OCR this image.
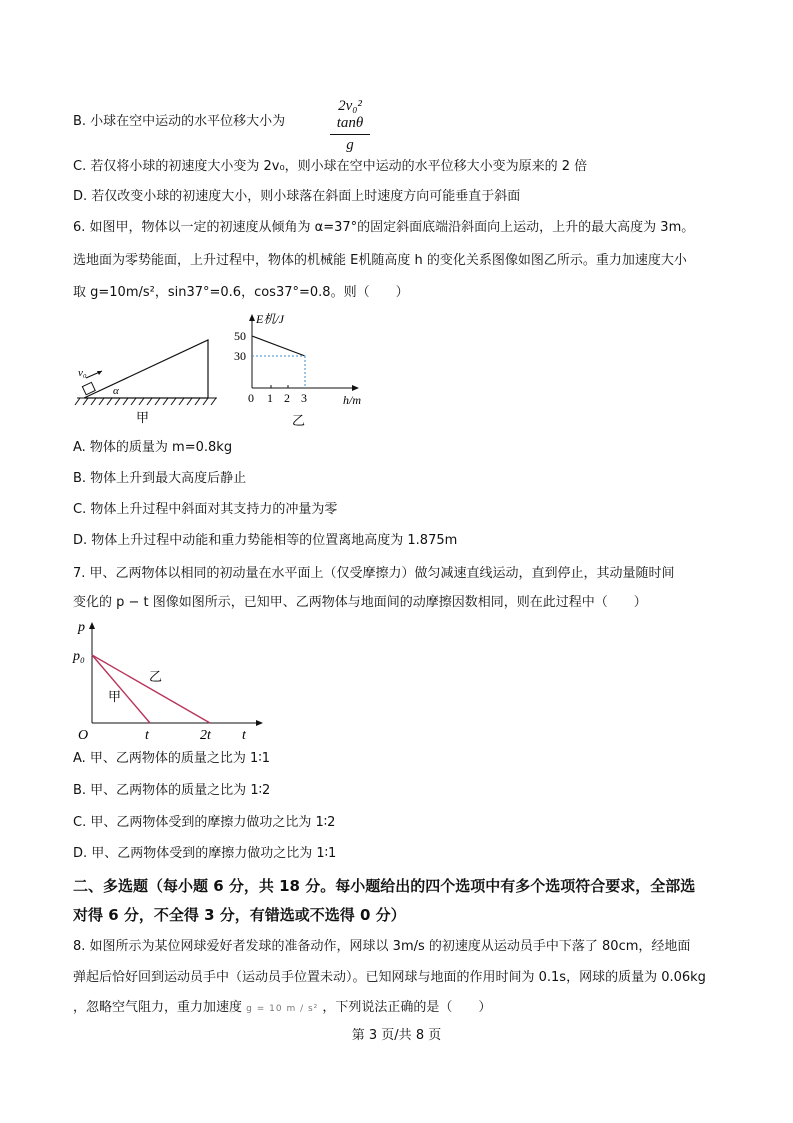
B. 小球在空中运动的水平位移大小为	$\frac{\text{2v₀² tanθ}}{g}$
C. 若仅将小球的初速度大小变为 2v₀，则小球在空中运动的水平位移大小变为原来的 2 倍
D. 若仅改变小球的初速度大小，则小球落在斜面上时速度方向可能垂直于斜面
6. 如图甲，物体以一定的初速度从倾角为 α=37°的固定斜面底端沿斜面向上运动，上升的最大高度为 3m。
选地面为零势能面，上升过程中，物体的机械能 E机随高度 h 的变化关系图像如图乙所示。重力加速度大小
取 g=10m/s²，sin37°=0.6，cos37°=0.8。则（　　）
v₀
α
甲
E机/J
h/m
50
30
0 1 2 3
乙
A. 物体的质量为 m=0.8kg
B. 物体上升到最大高度后静止
C. 物体上升过程中斜面对其支持力的冲量为零
D. 物体上升过程中动能和重力势能相等的位置离地高度为 1.875m
7. 甲、乙两物体以相同的初动量在水平面上（仅受摩擦力）做匀减速直线运动，直到停止，其动量随时间
变化的 p − t 图像如图所示，已知甲、乙两物体与地面间的动摩擦因数相同，则在此过程中（　　）
p
t
O
p₀
t	2t
甲
乙
A. 甲、乙两物体的质量之比为 1∶1
B. 甲、乙两物体的质量之比为 1∶2
C. 甲、乙两物体受到的摩擦力做功之比为 1∶2
D. 甲、乙两物体受到的摩擦力做功之比为 1∶1
二、多选题（每小题 6 分，共 18 分。每小题给出的四个选项中有多个选项符合要求，全部选
对得 6 分，不全得 3 分，有错选或不选得 0 分）
8. 如图所示为某位网球爱好者发球的准备动作，网球以 3m/s 的初速度从运动员手中下落了 80cm，经地面
弹起后恰好回到运动员手中（运动员手位置未动）。已知网球与地面的作用时间为 0.1s，网球的质量为 0.06kg
，忽略空气阻力，重力加速度 g = 10 m / s² ，下列说法正确的是（　　）
第 3 页/共 8 页
